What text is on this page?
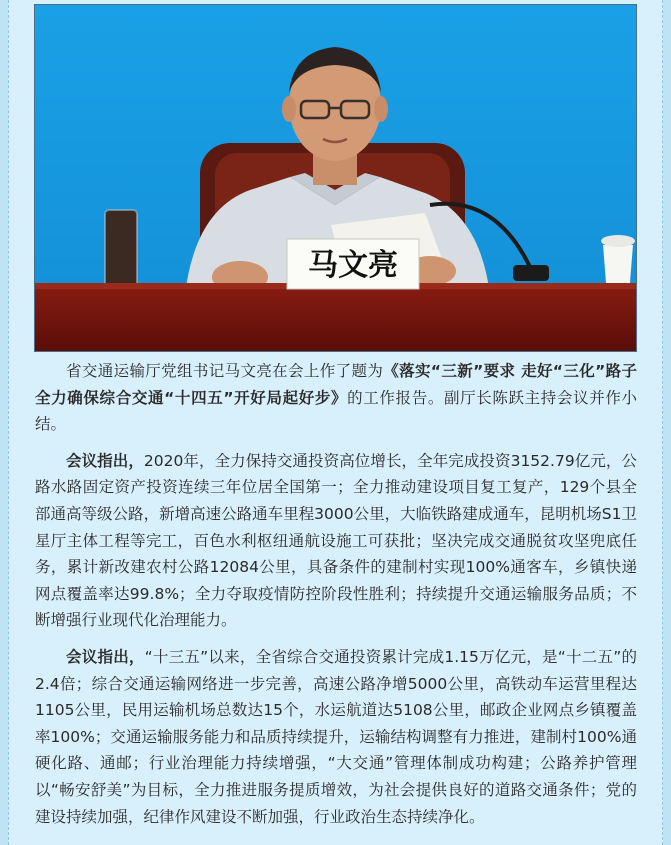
马文亮

省交通运输厅党组书记马文亮在会上作了题为《落实“三新”要求 走好“三化”路子 全力确保综合交通“十四五”开好局起好步》的工作报告。副厅长陈跃主持会议并作小结。

会议指出，2020年，全力保持交通投资高位增长，全年完成投资3152.79亿元，公路水路固定资产投资连续三年位居全国第一；全力推动建设项目复工复产，129个县全部通高等级公路，新增高速公路通车里程3000公里，大临铁路建成通车，昆明机场S1卫星厅主体工程等完工，百色水利枢纽通航设施工可获批；坚决完成交通脱贫攻坚兜底任务，累计新改建农村公路12084公里，具备条件的建制村实现100%通客车，乡镇快递网点覆盖率达99.8%；全力夺取疫情防控阶段性胜利；持续提升交通运输服务品质；不断增强行业现代化治理能力。

会议指出，“十三五”以来，全省综合交通投资累计完成1.15万亿元，是“十二五”的2.4倍；综合交通运输网络进一步完善，高速公路净增5000公里，高铁动车运营里程达1105公里，民用运输机场总数达15个，水运航道达5108公里，邮政企业网点乡镇覆盖率100%；交通运输服务能力和品质持续提升，运输结构调整有力推进，建制村100%通硬化路、通邮；行业治理能力持续增强，“大交通”管理体制成功构建；公路养护管理以“畅安舒美”为目标，全力推进服务提质增效，为社会提供良好的道路交通条件；党的建设持续加强，纪律作风建设不断加强，行业政治生态持续净化。
